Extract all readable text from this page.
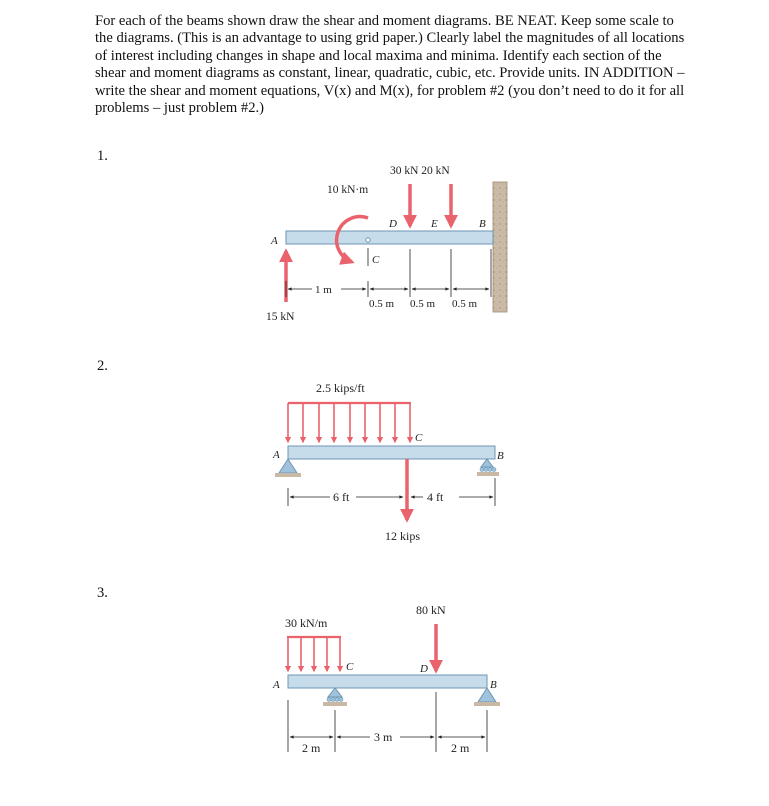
For each of the beams shown draw the shear and moment diagrams. BE NEAT. Keep some scale to the diagrams. (This is an advantage to using grid paper.) Clearly label the magnitudes of all locations of interest including changes in shape and local maxima and minima. Identify each section of the shear and moment diagrams as constant, linear, quadratic, cubic, etc. Provide units. IN ADDITION – write the shear and moment equations, V(x) and M(x), for problem #2 (you don’t need to do it for all problems – just problem #2.)

1.
2.
3.
A
B
C
D	E
30 kN 20 kN
10 kN·m
15 kN
1 m
0.5 m 0.5 m 0.5 m
2.5 kips/ft
A	B
C
12 kips
6 ft	4 ft
30 kN/m
80 kN
A	B
C	D
2 m
3 m
2 m
